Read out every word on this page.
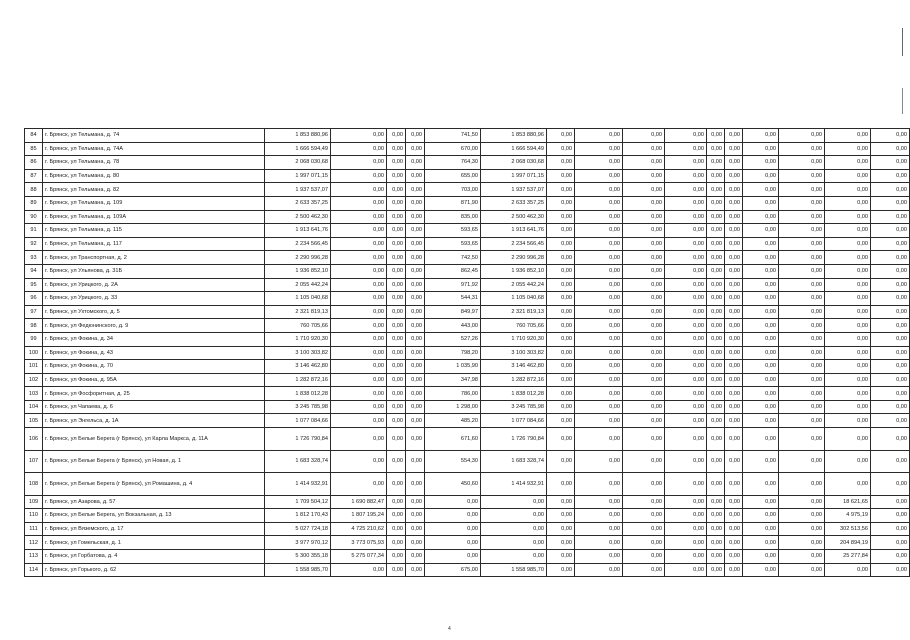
84	г. Брянск, ул Тельмана, д. 74	1 853 880,96	0,00	0,00	0,00	741,50	1 853 880,96	0,00	0,00	0,00	0,00	0,00	0,00	0,00	0,00	0,00	0,00
85	г. Брянск, ул Тельмана, д. 74А	1 666 594,49	0,00	0,00	0,00	670,00	1 666 594,49	0,00	0,00	0,00	0,00	0,00	0,00	0,00	0,00	0,00	0,00
86	г. Брянск, ул Тельмана, д. 78	2 068 030,68	0,00	0,00	0,00	764,30	2 068 030,68	0,00	0,00	0,00	0,00	0,00	0,00	0,00	0,00	0,00	0,00
87	г. Брянск, ул Тельмана, д. 80	1 997 071,15	0,00	0,00	0,00	655,00	1 997 071,15	0,00	0,00	0,00	0,00	0,00	0,00	0,00	0,00	0,00	0,00
88	г. Брянск, ул Тельмана, д. 82	1 937 537,07	0,00	0,00	0,00	703,00	1 937 537,07	0,00	0,00	0,00	0,00	0,00	0,00	0,00	0,00	0,00	0,00
89	г. Брянск, ул Тельмана, д. 109	2 633 357,25	0,00	0,00	0,00	871,90	2 633 357,25	0,00	0,00	0,00	0,00	0,00	0,00	0,00	0,00	0,00	0,00
90	г. Брянск, ул Тельмана, д. 109А	2 500 462,30	0,00	0,00	0,00	835,00	2 500 462,30	0,00	0,00	0,00	0,00	0,00	0,00	0,00	0,00	0,00	0,00
91	г. Брянск, ул Тельмана, д. 115	1 913 641,76	0,00	0,00	0,00	593,65	1 913 641,76	0,00	0,00	0,00	0,00	0,00	0,00	0,00	0,00	0,00	0,00
92	г. Брянск, ул Тельмана, д. 117	2 234 566,45	0,00	0,00	0,00	593,65	2 234 566,45	0,00	0,00	0,00	0,00	0,00	0,00	0,00	0,00	0,00	0,00
93	г. Брянск, ул Транспортная, д. 2	2 290 996,28	0,00	0,00	0,00	742,50	2 290 996,28	0,00	0,00	0,00	0,00	0,00	0,00	0,00	0,00	0,00	0,00
94	г. Брянск, ул Ульянова, д. 31Б	1 936 852,10	0,00	0,00	0,00	862,45	1 936 852,10	0,00	0,00	0,00	0,00	0,00	0,00	0,00	0,00	0,00	0,00
95	г. Брянск, ул Урицкого, д. 2А	2 055 442,24	0,00	0,00	0,00	971,92	2 055 442,24	0,00	0,00	0,00	0,00	0,00	0,00	0,00	0,00	0,00	0,00
96	г. Брянск, ул Урицкого, д. 33	1 105 040,68	0,00	0,00	0,00	544,31	1 105 040,68	0,00	0,00	0,00	0,00	0,00	0,00	0,00	0,00	0,00	0,00
97	г. Брянск, ул Ухтомского, д. 5	2 321 819,13	0,00	0,00	0,00	849,97	2 321 819,13	0,00	0,00	0,00	0,00	0,00	0,00	0,00	0,00	0,00	0,00
98	г. Брянск, ул Федюнинского, д. 9	760 705,66	0,00	0,00	0,00	443,00	760 705,66	0,00	0,00	0,00	0,00	0,00	0,00	0,00	0,00	0,00	0,00
99	г. Брянск, ул Фокина, д. 34	1 710 920,30	0,00	0,00	0,00	527,26	1 710 920,30	0,00	0,00	0,00	0,00	0,00	0,00	0,00	0,00	0,00	0,00
100	г. Брянск, ул Фокина, д. 43	3 100 303,82	0,00	0,00	0,00	798,20	3 100 303,82	0,00	0,00	0,00	0,00	0,00	0,00	0,00	0,00	0,00	0,00
101	г. Брянск, ул Фокина, д. 70	3 146 462,80	0,00	0,00	0,00	1 035,90	3 146 462,80	0,00	0,00	0,00	0,00	0,00	0,00	0,00	0,00	0,00	0,00
102	г. Брянск, ул Фокина, д. 95А	1 282 872,16	0,00	0,00	0,00	347,98	1 282 872,16	0,00	0,00	0,00	0,00	0,00	0,00	0,00	0,00	0,00	0,00
103	г. Брянск, ул Фосфоритная, д. 25	1 838 012,28	0,00	0,00	0,00	786,00	1 838 012,28	0,00	0,00	0,00	0,00	0,00	0,00	0,00	0,00	0,00	0,00
104	г. Брянск, ул Чапаева, д. 6	3 245 785,98	0,00	0,00	0,00	1 298,00	3 245 785,98	0,00	0,00	0,00	0,00	0,00	0,00	0,00	0,00	0,00	0,00
105	г. Брянск, ул Энгельса, д. 1А	1 077 084,66	0,00	0,00	0,00	485,20	1 077 084,66	0,00	0,00	0,00	0,00	0,00	0,00	0,00	0,00	0,00	0,00
106	г. Брянск, ул Белые Берега (г Брянск), ул Карла Маркса, д. 11А	1 726 790,84	0,00	0,00	0,00	671,60	1 726 790,84	0,00	0,00	0,00	0,00	0,00	0,00	0,00	0,00	0,00	0,00
107	г. Брянск, ул Белые Берега (г Брянск), ул Новая, д. 1	1 683 328,74	0,00	0,00	0,00	554,30	1 683 328,74	0,00	0,00	0,00	0,00	0,00	0,00	0,00	0,00	0,00	0,00
108	г. Брянск, ул Белые Берега (г Брянск), ул Ромашина, д. 4	1 414 932,91	0,00	0,00	0,00	450,60	1 414 932,91	0,00	0,00	0,00	0,00	0,00	0,00	0,00	0,00	0,00	0,00
109	г. Брянск, ул Азарова, д. 57	1 709 504,12	1 690 882,47	0,00	0,00	0,00	0,00	0,00	0,00	0,00	0,00	0,00	0,00	0,00	0,00	18 621,65	0,00
110	г. Брянск, ул Белые Берега, ул Вокзальная, д. 13	1 812 170,43	1 807 195,24	0,00	0,00	0,00	0,00	0,00	0,00	0,00	0,00	0,00	0,00	0,00	0,00	4 975,19	0,00
111	г. Брянск, ул Вяземского, д. 17	5 027 724,18	4 725 210,62	0,00	0,00	0,00	0,00	0,00	0,00	0,00	0,00	0,00	0,00	0,00	0,00	302 513,56	0,00
112	г. Брянск, ул Гомельская, д. 1	3 977 970,12	3 773 075,93	0,00	0,00	0,00	0,00	0,00	0,00	0,00	0,00	0,00	0,00	0,00	0,00	204 894,19	0,00
113	г. Брянск, ул Горбатова, д. 4	5 300 355,18	5 275 077,34	0,00	0,00	0,00	0,00	0,00	0,00	0,00	0,00	0,00	0,00	0,00	0,00	25 277,84	0,00
114	г. Брянск, ул Горького, д. 62	1 558 985,70	0,00	0,00	0,00	675,00	1 558 985,70	0,00	0,00	0,00	0,00	0,00	0,00	0,00	0,00	0,00	0,00
4
